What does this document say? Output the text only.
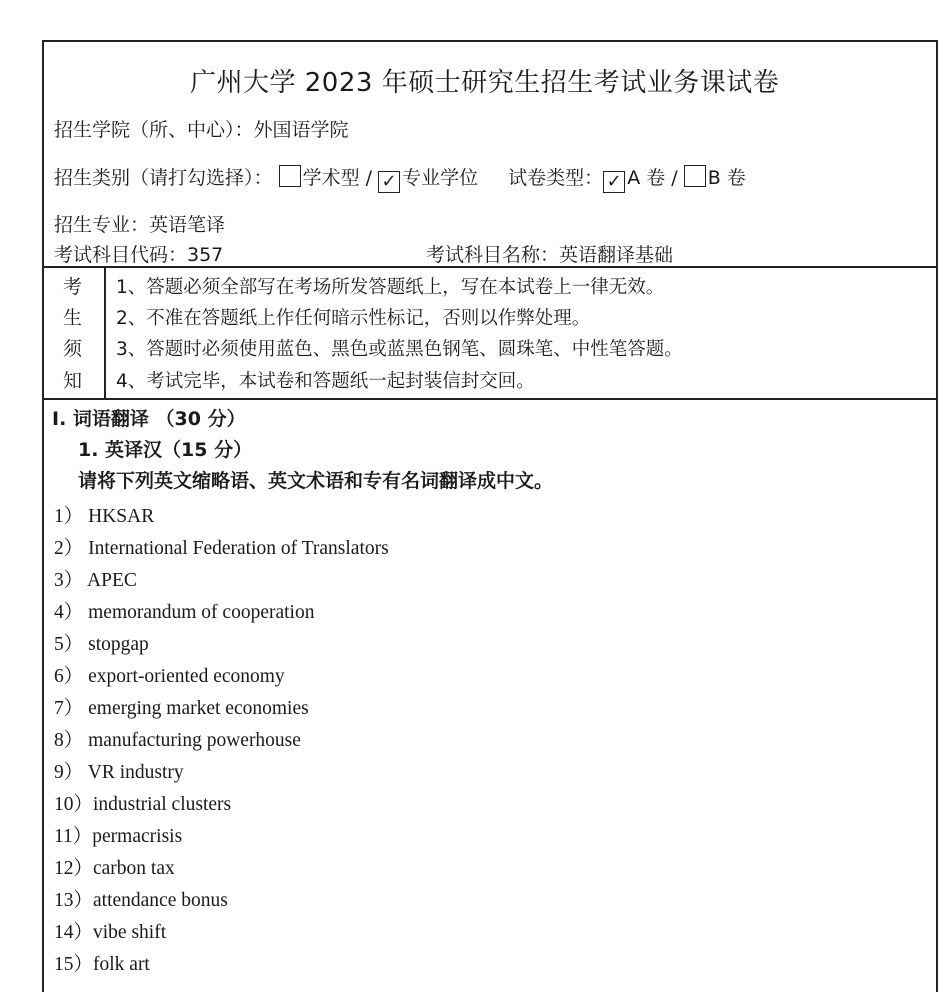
广州大学 2023 年硕士研究生招生考试业务课试卷
招生学院（所、中心）：外国语学院
招生类别（请打勾选择）： 学术型 / ✓ 专业学位 试卷类型： ✓ A 卷 / B 卷
招生专业：英语笔译
考试科目代码：357	考试科目名称：英语翻译基础
考
生
须
知
1、答题必须全部写在考场所发答题纸上，写在本试卷上一律无效。
2、不准在答题纸上作任何暗示性标记，否则以作弊处理。
3、答题时必须使用蓝色、黑色或蓝黑色钢笔、圆珠笔、中性笔答题。
4、考试完毕，本试卷和答题纸一起封装信封交回。
I. 词语翻译 （30 分）
1. 英译汉（15 分）
请将下列英文缩略语、英文术语和专有名词翻译成中文。
1） HKSAR
2） International Federation of Translators
3） APEC
4） memorandum of cooperation
5） stopgap
6） export-oriented economy
7） emerging market economies
8） manufacturing powerhouse
9） VR industry
10）industrial clusters
11）permacrisis
12）carbon tax
13）attendance bonus
14）vibe shift
15）folk art
